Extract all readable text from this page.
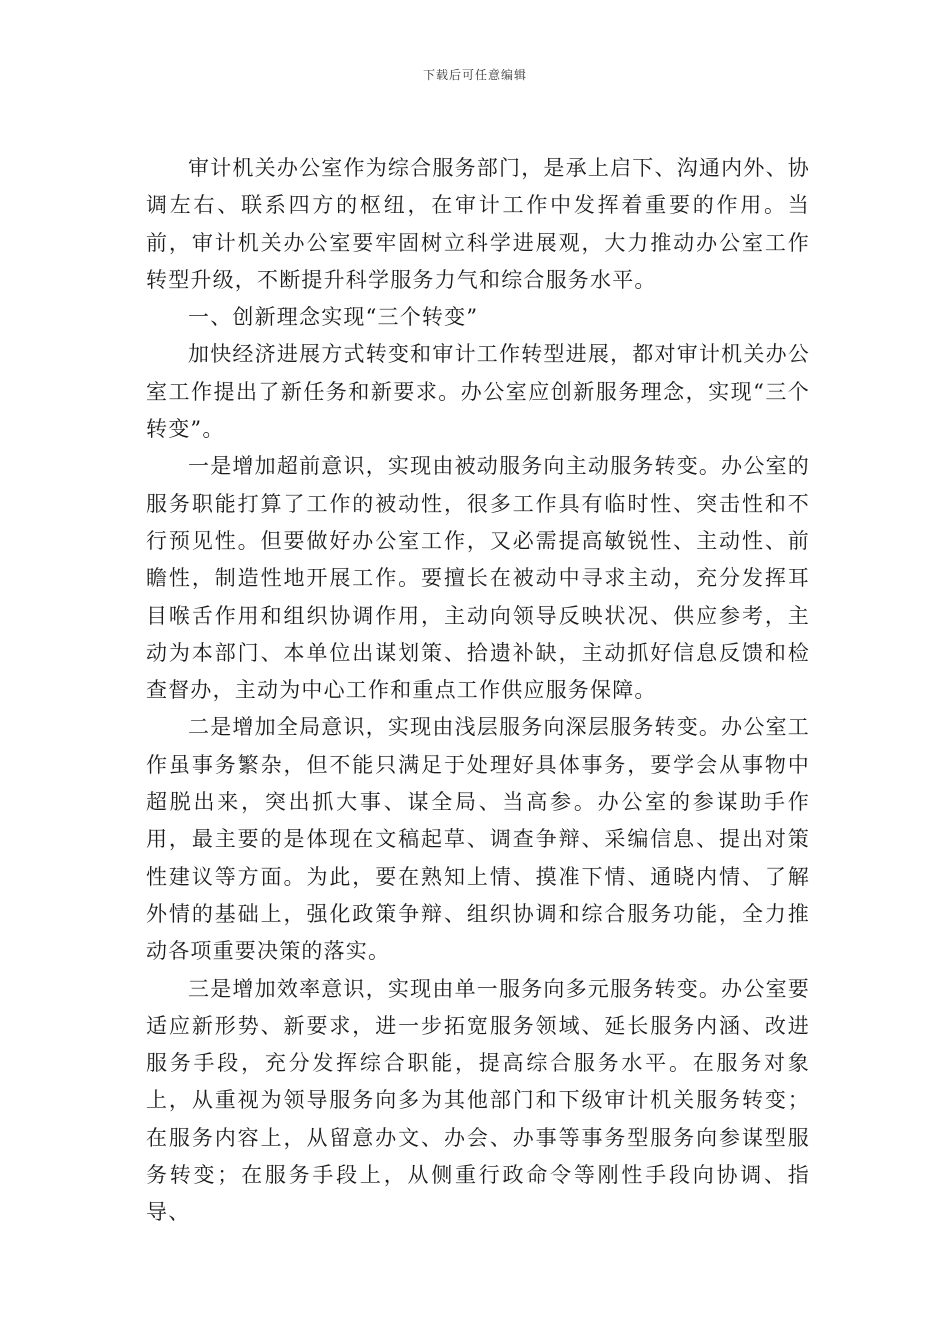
下载后可任意编辑

审计机关办公室作为综合服务部门，是承上启下、沟通内外、协调左右、联系四方的枢纽，在审计工作中发挥着重要的作用。当前，审计机关办公室要牢固树立科学进展观，大力推动办公室工作转型升级，不断提升科学服务力气和综合服务水平。

一、创新理念实现“三个转变”

加快经济进展方式转变和审计工作转型进展，都对审计机关办公室工作提出了新任务和新要求。办公室应创新服务理念，实现“三个转变”。

一是增加超前意识，实现由被动服务向主动服务转变。办公室的服务职能打算了工作的被动性，很多工作具有临时性、突击性和不行预见性。但要做好办公室工作，又必需提高敏锐性、主动性、前瞻性，制造性地开展工作。要擅长在被动中寻求主动，充分发挥耳目喉舌作用和组织协调作用，主动向领导反映状况、供应参考，主动为本部门、本单位出谋划策、拾遗补缺，主动抓好信息反馈和检查督办，主动为中心工作和重点工作供应服务保障。

二是增加全局意识，实现由浅层服务向深层服务转变。办公室工作虽事务繁杂，但不能只满足于处理好具体事务，要学会从事物中超脱出来，突出抓大事、谋全局、当高参。办公室的参谋助手作用，最主要的是体现在文稿起草、调查争辩、采编信息、提出对策性建议等方面。为此，要在熟知上情、摸准下情、通晓内情、了解外情的基础上，强化政策争辩、组织协调和综合服务功能，全力推动各项重要决策的落实。

三是增加效率意识，实现由单一服务向多元服务转变。办公室要适应新形势、新要求，进一步拓宽服务领域、延长服务内涵、改进服务手段，充分发挥综合职能，提高综合服务水平。在服务对象上，从重视为领导服务向多为其他部门和下级审计机关服务转变；在服务内容上，从留意办文、办会、办事等事务型服务向参谋型服务转变；在服务手段上，从侧重行政命令等刚性手段向协调、指导、
